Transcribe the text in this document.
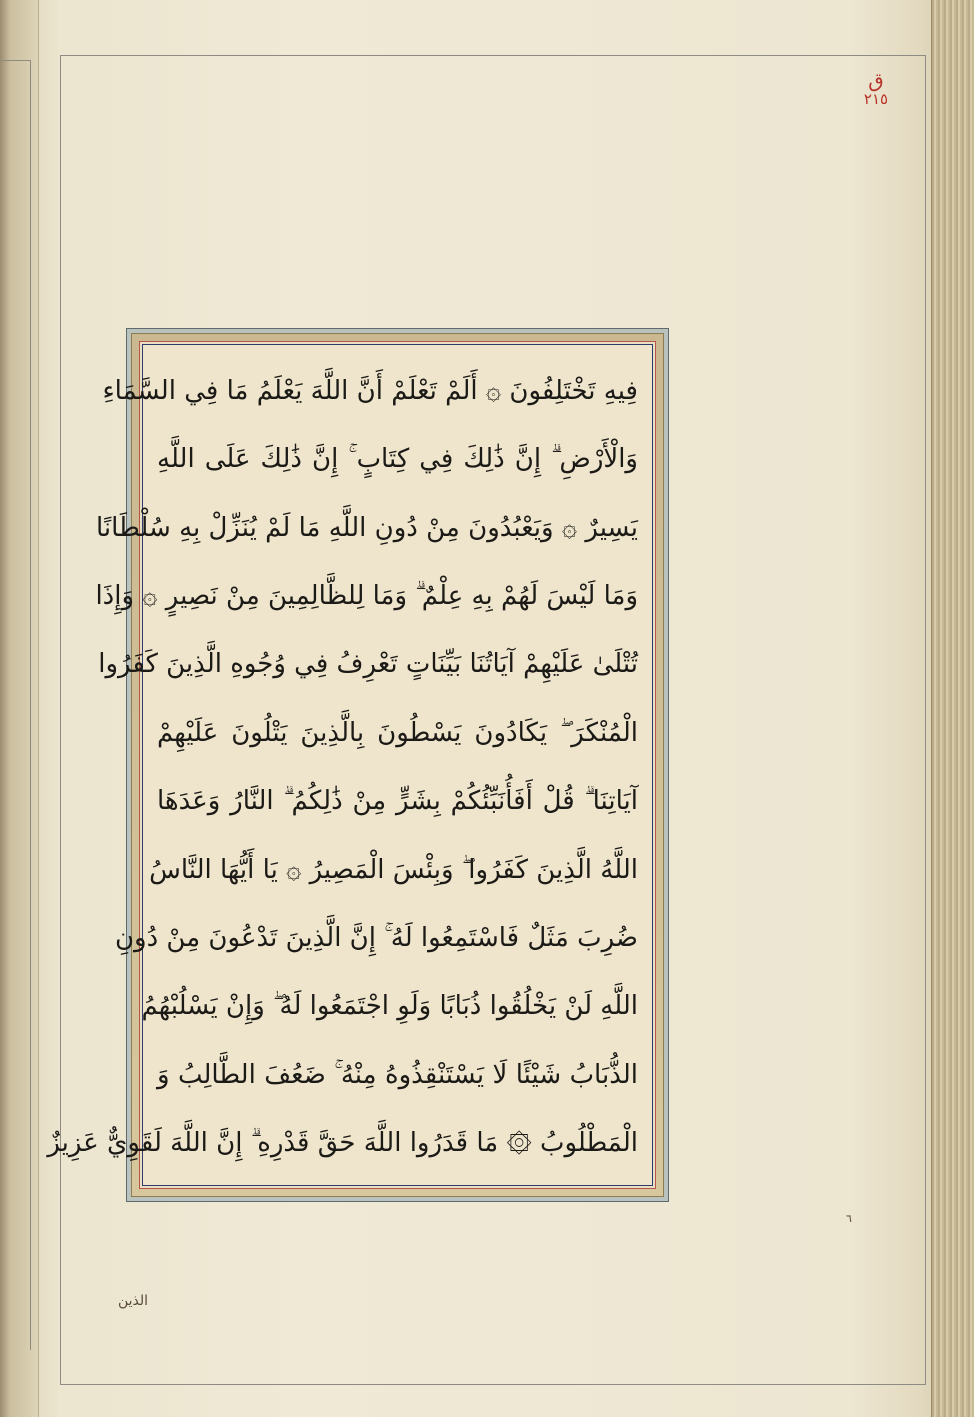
ق
٢١٥
فِيهِ تَخْتَلِفُونَ ۞ أَلَمْ تَعْلَمْ أَنَّ اللَّهَ يَعْلَمُ مَا فِي السَّمَاءِ
وَالْأَرْضِ ۗ إِنَّ ذَٰلِكَ فِي كِتَابٍ ۚ إِنَّ ذَٰلِكَ عَلَى اللَّهِ
يَسِيرٌ ۞ وَيَعْبُدُونَ مِنْ دُونِ اللَّهِ مَا لَمْ يُنَزِّلْ بِهِ سُلْطَانًا
وَمَا لَيْسَ لَهُمْ بِهِ عِلْمٌ ۗ وَمَا لِلظَّالِمِينَ مِنْ نَصِيرٍ ۞ وَإِذَا
تُتْلَىٰ عَلَيْهِمْ آيَاتُنَا بَيِّنَاتٍ تَعْرِفُ فِي وُجُوهِ الَّذِينَ كَفَرُوا
الْمُنْكَرَ ۖ يَكَادُونَ يَسْطُونَ بِالَّذِينَ يَتْلُونَ عَلَيْهِمْ
آيَاتِنَا ۗ قُلْ أَفَأُنَبِّئُكُمْ بِشَرٍّ مِنْ ذَٰلِكُمُ ۗ النَّارُ وَعَدَهَا
اللَّهُ الَّذِينَ كَفَرُوا ۖ وَبِئْسَ الْمَصِيرُ ۞ يَا أَيُّهَا النَّاسُ
ضُرِبَ مَثَلٌ فَاسْتَمِعُوا لَهُ ۚ إِنَّ الَّذِينَ تَدْعُونَ مِنْ دُونِ
اللَّهِ لَنْ يَخْلُقُوا ذُبَابًا وَلَوِ اجْتَمَعُوا لَهُ ۖ وَإِنْ يَسْلُبْهُمُ
الذُّبَابُ شَيْئًا لَا يَسْتَنْقِذُوهُ مِنْهُ ۚ ضَعُفَ الطَّالِبُ وَ
الْمَطْلُوبُ ۞ مَا قَدَرُوا اللَّهَ حَقَّ قَدْرِهِ ۗ إِنَّ اللَّهَ لَقَوِيٌّ عَزِيزٌ
٦
الذين
